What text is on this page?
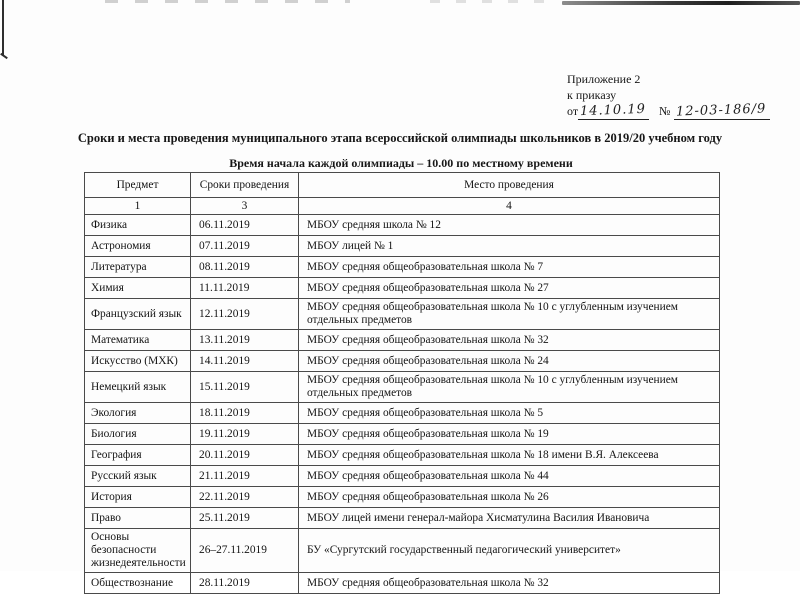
Приложение 2
к приказу
от 14.10.19 № 12-03-186/9
Сроки и места проведения муниципального этапа всероссийской олимпиады школьников в 2019/20 учебном году
Время начала каждой олимпиады – 10.00 по местному времени
Предмет	Сроки проведения	Место проведения
1	3	4
Физика	06.11.2019	МБОУ средняя школа № 12
Астрономия	07.11.2019	МБОУ лицей № 1
Литература	08.11.2019	МБОУ средняя общеобразовательная школа № 7
Химия	11.11.2019	МБОУ средняя общеобразовательная школа № 27
Французский язык	12.11.2019	МБОУ средняя общеобразовательная школа № 10 с углубленным изучением отдельных предметов
Математика	13.11.2019	МБОУ средняя общеобразовательная школа № 32
Искусство (МХК)	14.11.2019	МБОУ средняя общеобразовательная школа № 24
Немецкий язык	15.11.2019	МБОУ средняя общеобразовательная школа № 10 с углубленным изучением отдельных предметов
Экология	18.11.2019	МБОУ средняя общеобразовательная школа № 5
Биология	19.11.2019	МБОУ средняя общеобразовательная школа № 19
География	20.11.2019	МБОУ средняя общеобразовательная школа № 18 имени В.Я. Алексеева
Русский язык	21.11.2019	МБОУ средняя общеобразовательная школа № 44
История	22.11.2019	МБОУ средняя общеобразовательная школа № 26
Право	25.11.2019	МБОУ лицей имени генерал-майора Хисматулина Василия Ивановича
Основы безопасности жизнедеятельности	26–27.11.2019	БУ «Сургутский государственный педагогический университет»
Обществознание	28.11.2019	МБОУ средняя общеобразовательная школа № 32
